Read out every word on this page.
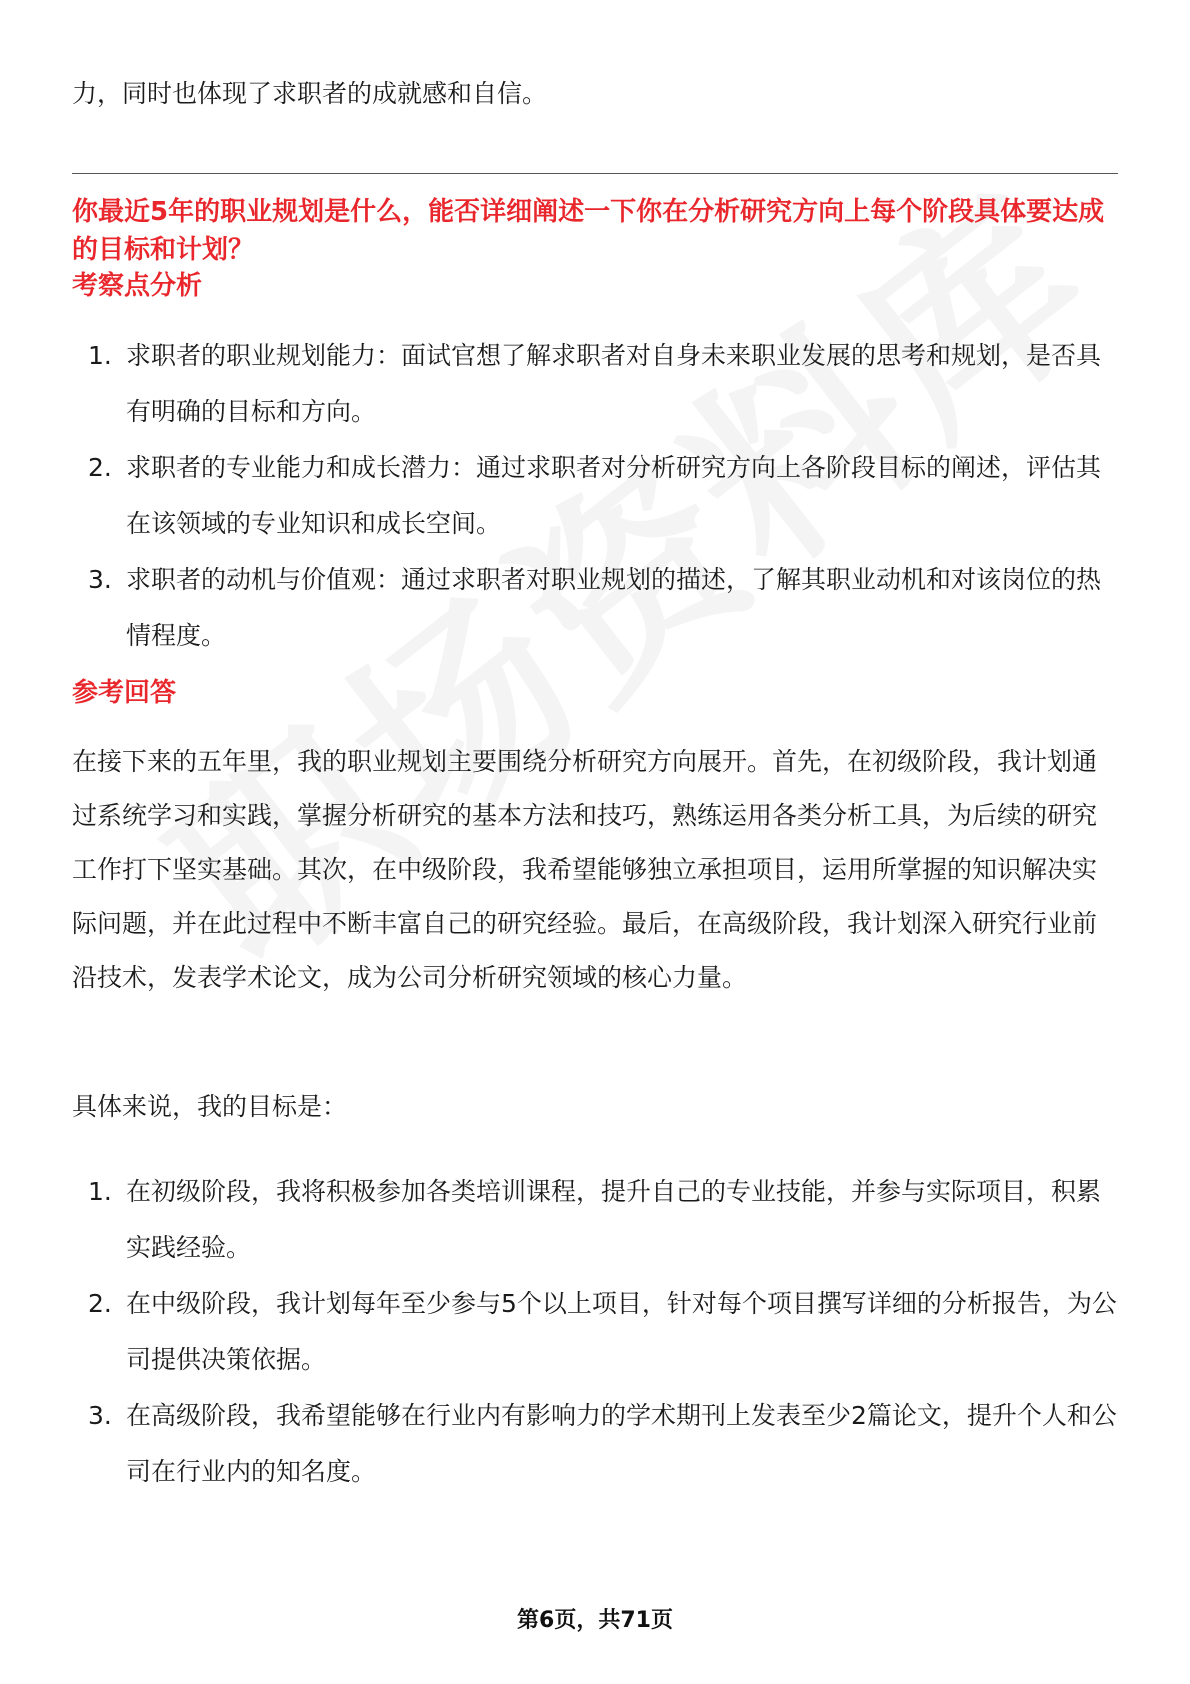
力，同时也体现了求职者的成就感和自信。

你最近5年的职业规划是什么，能否详细阐述一下你在分析研究方向上每个阶段具体要达成的目标和计划？

考察点分析

1. 求职者的职业规划能力：面试官想了解求职者对自身未来职业发展的思考和规划，是否具有明确的目标和方向。
2. 求职者的专业能力和成长潜力：通过求职者对分析研究方向上各阶段目标的阐述，评估其在该领域的专业知识和成长空间。
3. 求职者的动机与价值观：通过求职者对职业规划的描述，了解其职业动机和对该岗位的热情程度。

参考回答

在接下来的五年里，我的职业规划主要围绕分析研究方向展开。首先，在初级阶段，我计划通过系统学习和实践，掌握分析研究的基本方法和技巧，熟练运用各类分析工具，为后续的研究工作打下坚实基础。其次，在中级阶段，我希望能够独立承担项目，运用所掌握的知识解决实际问题，并在此过程中不断丰富自己的研究经验。最后，在高级阶段，我计划深入研究行业前沿技术，发表学术论文，成为公司分析研究领域的核心力量。

具体来说，我的目标是：

1. 在初级阶段，我将积极参加各类培训课程，提升自己的专业技能，并参与实际项目，积累实践经验。
2. 在中级阶段，我计划每年至少参与5个以上项目，针对每个项目撰写详细的分析报告，为公司提供决策依据。
3. 在高级阶段，我希望能够在行业内有影响力的学术期刊上发表至少2篇论文，提升个人和公司在行业内的知名度。
第6页，共71页
